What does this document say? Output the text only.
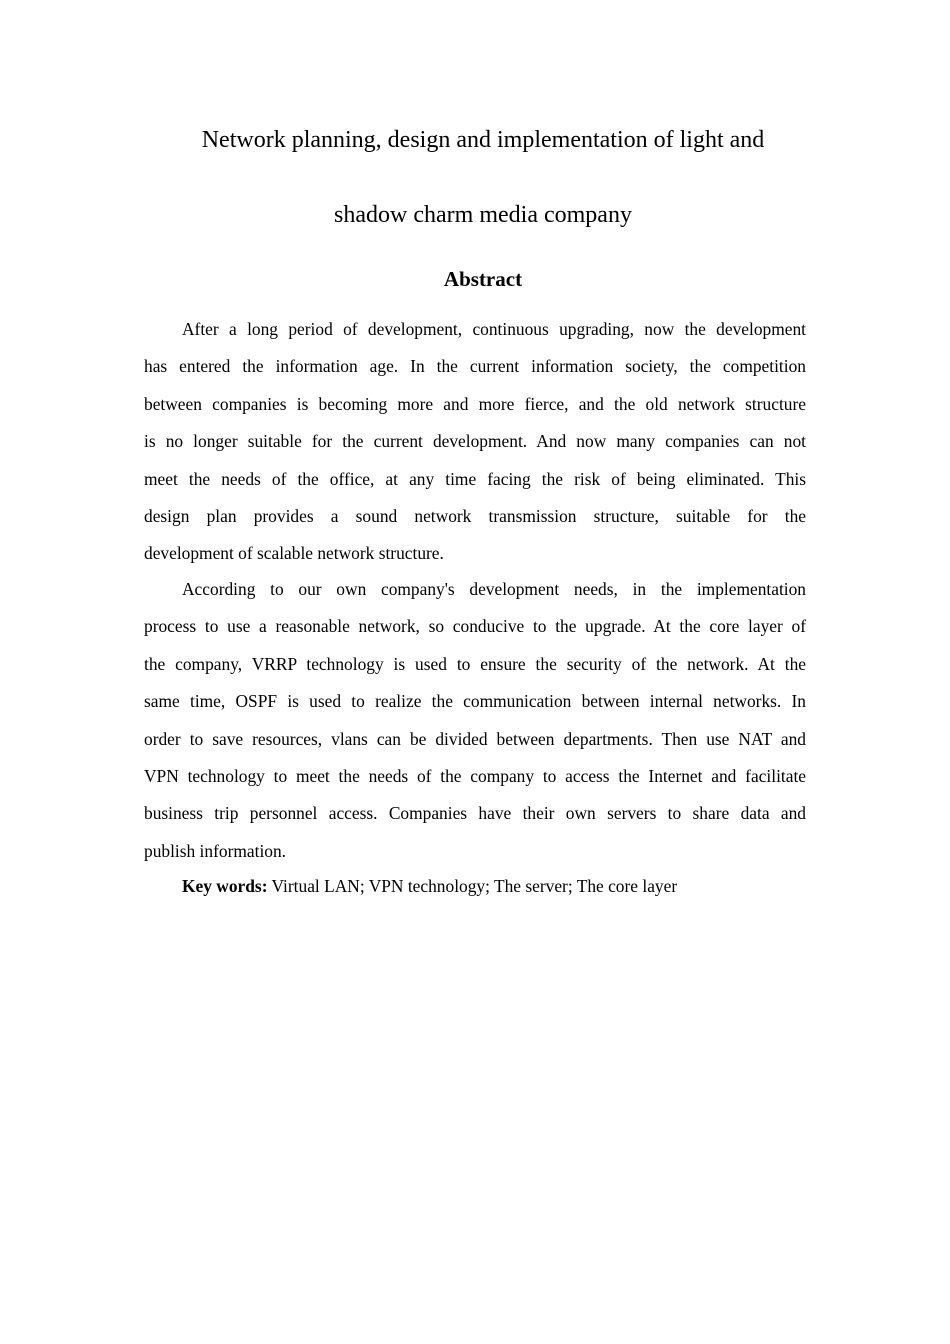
Network planning, design and implementation of light and
shadow charm media company
Abstract
After a long period of development, continuous upgrading, now the development
has entered the information age. In the current information society, the competition
between companies is becoming more and more fierce, and the old network structure
is no longer suitable for the current development. And now many companies can not
meet the needs of the office, at any time facing the risk of being eliminated. This
design plan provides a sound network transmission structure, suitable for the
development of scalable network structure.
According to our own company's development needs, in the implementation
process to use a reasonable network, so conducive to the upgrade. At the core layer of
the company, VRRP technology is used to ensure the security of the network. At the
same time, OSPF is used to realize the communication between internal networks. In
order to save resources, vlans can be divided between departments. Then use NAT and
VPN technology to meet the needs of the company to access the Internet and facilitate
business trip personnel access. Companies have their own servers to share data and
publish information.

Key words: Virtual LAN; VPN technology; The server; The core layer
